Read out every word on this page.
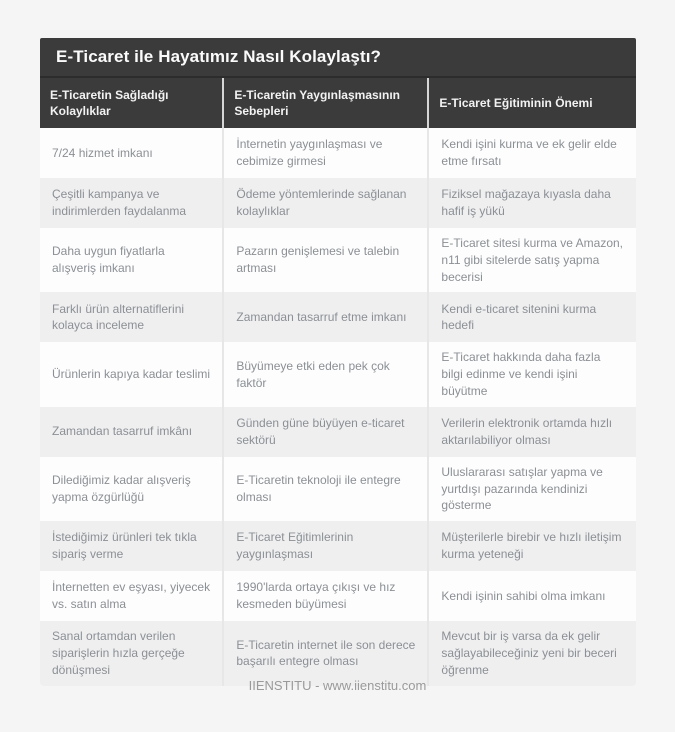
E-Ticaret ile Hayatımız Nasıl Kolaylaştı?
E-Ticaretin Sağladığı Kolaylıklar
E-Ticaretin Yaygınlaşmasının Sebepleri
E-Ticaret Eğitiminin Önemi
7/24 hizmet imkanı
İnternetin yaygınlaşması ve cebimize girmesi
Kendi işini kurma ve ek gelir elde etme fırsatı
Çeşitli kampanya ve indirimlerden faydalanma
Ödeme yöntemlerinde sağlanan kolaylıklar
Fiziksel mağazaya kıyasla daha hafif iş yükü
Daha uygun fiyatlarla alışveriş imkanı
Pazarın genişlemesi ve talebin artması
E-Ticaret sitesi kurma ve Amazon, n11 gibi sitelerde satış yapma becerisi
Farklı ürün alternatiflerini kolayca inceleme
Zamandan tasarruf etme imkanı
Kendi e-ticaret sitenini kurma hedefi
Ürünlerin kapıya kadar teslimi
Büyümeye etki eden pek çok faktör
E-Ticaret hakkında daha fazla bilgi edinme ve kendi işini büyütme
Zamandan tasarruf imkânı
Günden güne büyüyen e-ticaret sektörü
Verilerin elektronik ortamda hızlı aktarılabiliyor olması
Dilediğimiz kadar alışveriş yapma özgürlüğü
E-Ticaretin teknoloji ile entegre olması
Uluslararası satışlar yapma ve yurtdışı pazarında kendinizi gösterme
İstediğimiz ürünleri tek tıkla sipariş verme
E-Ticaret Eğitimlerinin yaygınlaşması
Müşterilerle birebir ve hızlı iletişim kurma yeteneği
İnternetten ev eşyası, yiyecek vs. satın alma
1990'larda ortaya çıkışı ve hız kesmeden büyümesi
Kendi işinin sahibi olma imkanı
Sanal ortamdan verilen siparişlerin hızla gerçeğe dönüşmesi
E-Ticaretin internet ile son derece başarılı entegre olması
Mevcut bir iş varsa da ek gelir sağlayabileceğiniz yeni bir beceri öğrenme
IIENSTITU - www.iienstitu.com
